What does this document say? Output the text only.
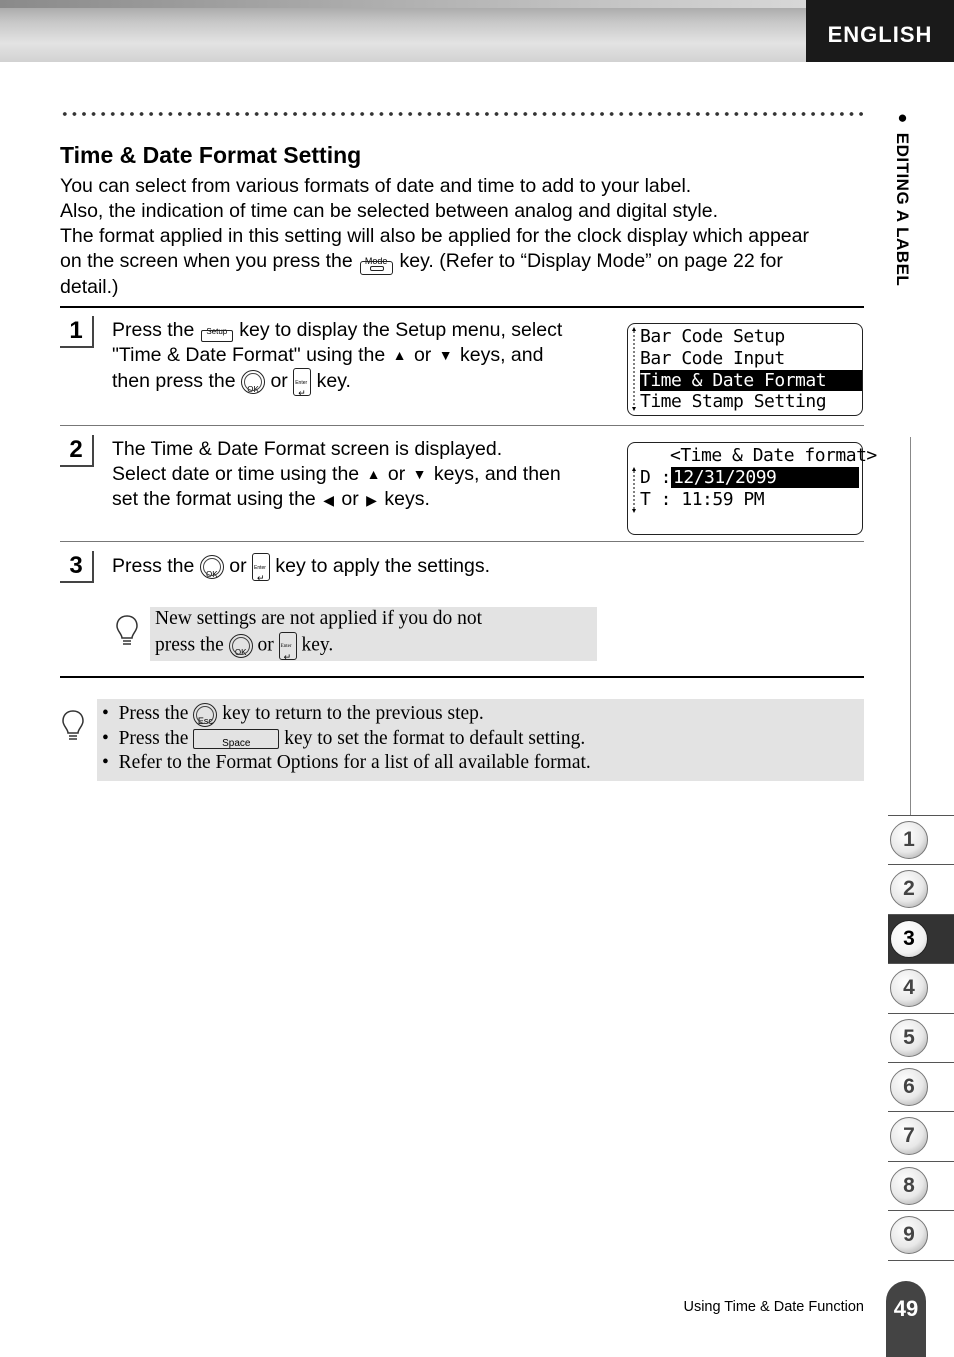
ENGLISH
Time & Date Format Setting
You can select from various formats of date and time to add to your label.
Also, the indication of time can be selected between analog and digital style.
The format applied in this setting will also be applied for the clock display which appear
on the screen when you press the	Mode key. (Refer to “Display Mode” on page 22 for
detail.)
1	Press the	Setup key to display the Setup menu, select
"Time & Date Format" using the ▲ or ▼ keys, and
then press the	OK or Enter
↵ key.
Bar Code Setup
Bar Code Input
Time & Date Format
Time Stamp Setting
2	The Time & Date Format screen is displayed.
Select date or time using the ▲ or ▼ keys, and then
set the format using the ◀ or ▶ keys.
<Time & Date format>
D : 12/31/2099
T : 11:59 PM
3	Press the	OK or Enter
↵ key to apply the settings.
New settings are not applied if you do not
press the	OK or Enter
↵ key.
•  Press the	Esc key to return to the previous step.
•  Press the	Space	key to set the format to default setting.
•  Refer to the Format Options for a list of all available format.
● EDITING A LABEL
1
2
3
4
5
6
7
8
9
Using Time & Date Function	49
